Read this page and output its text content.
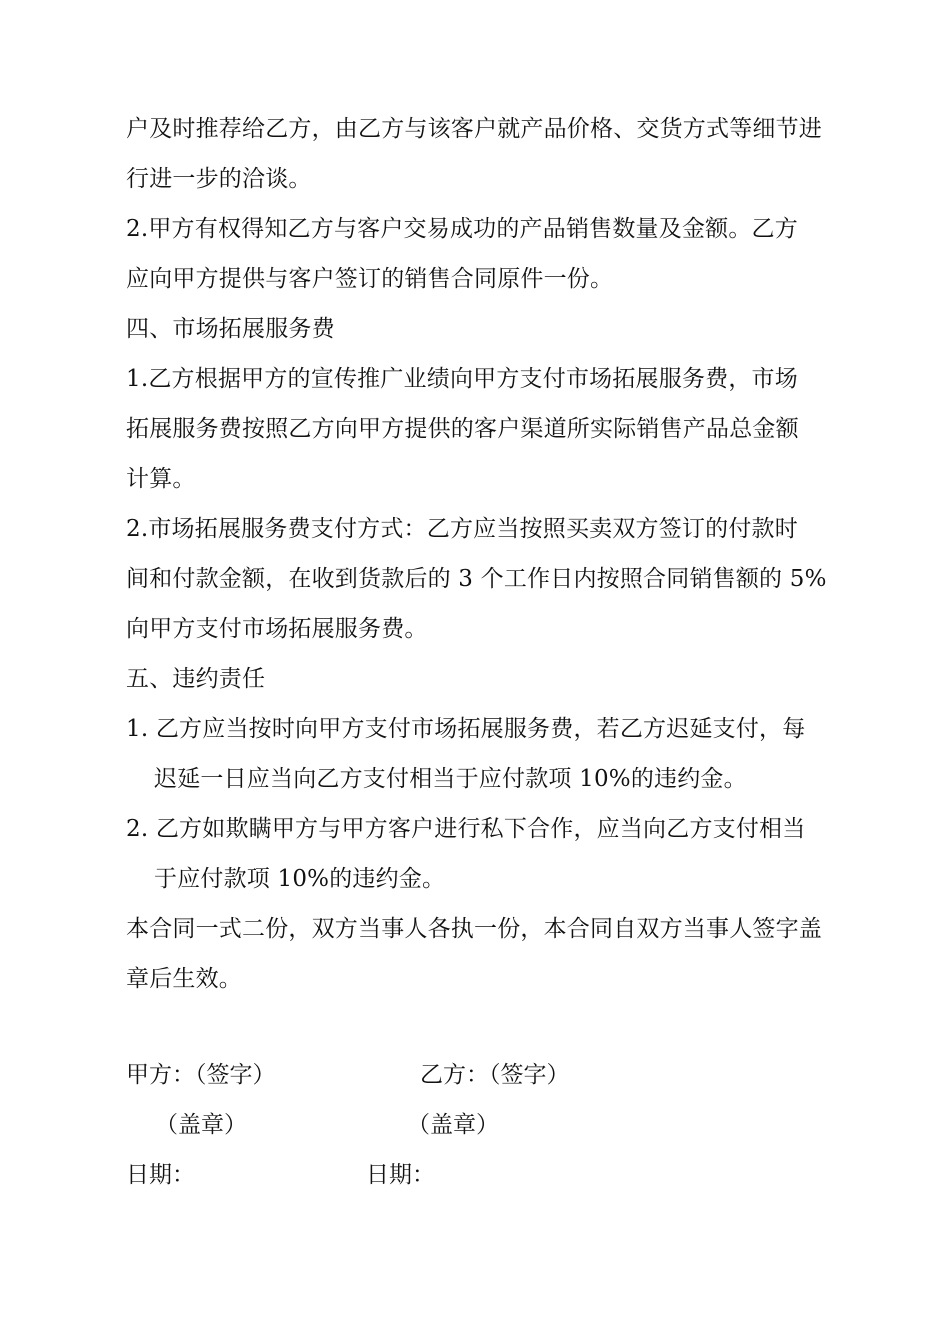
户及时推荐给乙方，由乙方与该客户就产品价格、交货方式等细节进
行进一步的洽谈。
2.甲方有权得知乙方与客户交易成功的产品销售数量及金额。乙方
应向甲方提供与客户签订的销售合同原件一份。
四、市场拓展服务费
1.乙方根据甲方的宣传推广业绩向甲方支付市场拓展服务费，市场
拓展服务费按照乙方向甲方提供的客户渠道所实际销售产品总金额
计算。
2.市场拓展服务费支付方式：乙方应当按照买卖双方签订的付款时
间和付款金额，在收到货款后的 3 个工作日内按照合同销售额的 5%
向甲方支付市场拓展服务费。
五、违约责任
1. 乙方应当按时向甲方支付市场拓展服务费，若乙方迟延支付，每
迟延一日应当向乙方支付相当于应付款项 10%的违约金。
2. 乙方如欺瞒甲方与甲方客户进行私下合作，应当向乙方支付相当
于应付款项 10%的违约金。
本合同一式二份，双方当事人各执一份，本合同自双方当事人签字盖
章后生效。
甲方：（签字）	乙方：（签字）
（盖章）	（盖章）
日期：	日期：
